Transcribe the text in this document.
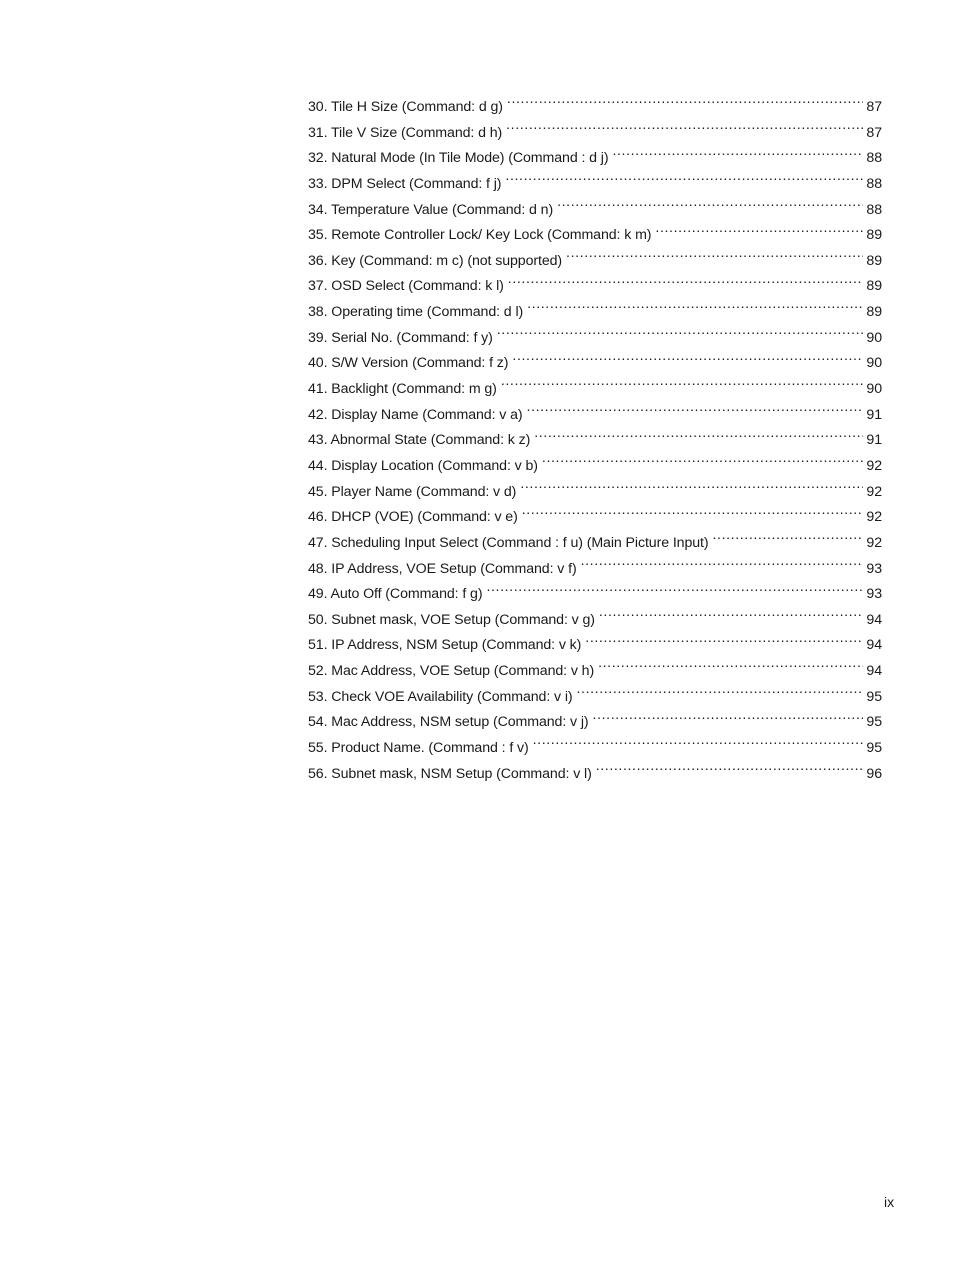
30. Tile H Size (Command: d g) .....	87
31. Tile V Size (Command: d h) .....	87
32. Natural Mode (In Tile Mode) (Command : d j) .....	88
33. DPM Select (Command: f j) .....	88
34. Temperature Value (Command: d n) .....	88
35. Remote Controller Lock/ Key Lock (Command: k m) .....	89
36. Key (Command: m c) (not supported) .....	89
37. OSD Select (Command: k l) .....	89
38. Operating time (Command: d l) .....	89
39. Serial No. (Command: f y) .....	90
40. S/W Version (Command: f z) .....	90
41. Backlight (Command: m g) .....	90
42. Display Name (Command: v a) .....	91
43. Abnormal State (Command: k z) .....	91
44. Display Location (Command: v b) .....	92
45. Player Name (Command: v d) .....	92
46. DHCP (VOE) (Command: v e) .....	92
47. Scheduling Input Select (Command : f u) (Main Picture Input) .....	92
48. IP Address, VOE Setup (Command: v f) .....	93
49. Auto Off (Command: f g) .....	93
50. Subnet mask, VOE Setup (Command: v g) .....	94
51. IP Address, NSM Setup (Command: v k) .....	94
52. Mac Address, VOE Setup (Command: v h) .....	94
53. Check VOE Availability (Command: v i) .....	95
54. Mac Address, NSM setup (Command: v j) .....	95
55. Product Name. (Command : f v) .....	95
56. Subnet mask, NSM Setup (Command: v l) .....	96
ix
